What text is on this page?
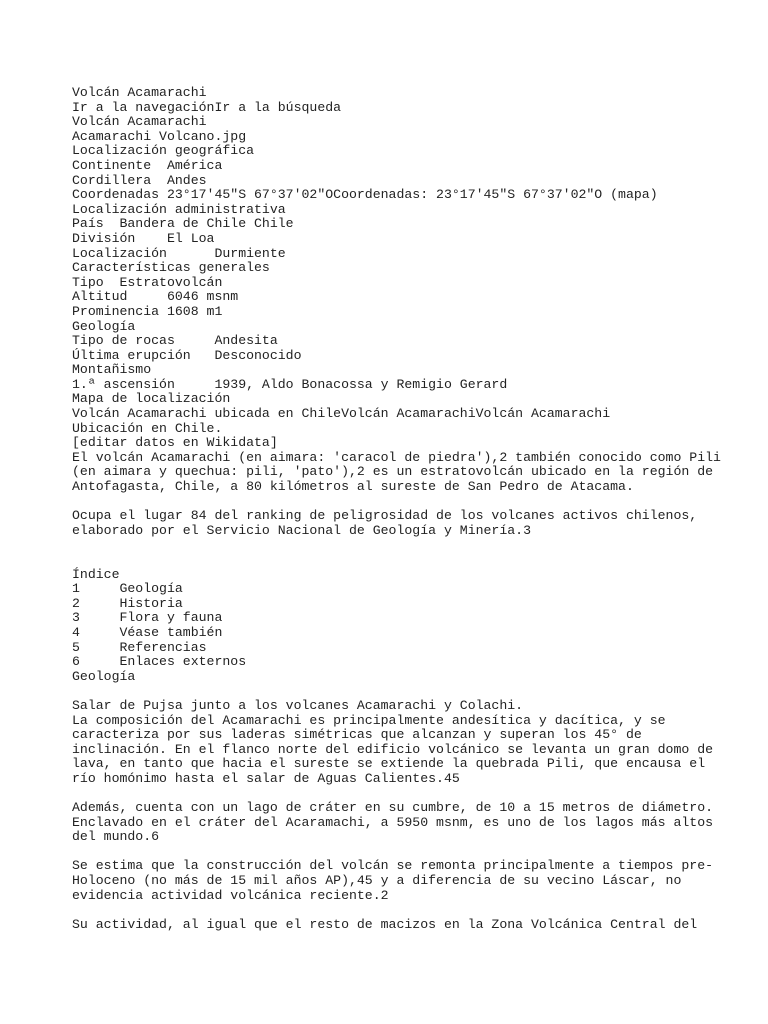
Volcán Acamarachi
Ir a la navegaciónIr a la búsqueda
Volcán Acamarachi
Acamarachi Volcano.jpg
Localización geográfica
Continente  América
Cordillera  Andes
Coordenadas 23°17′45″S 67°37′02″OCoordenadas: 23°17′45″S 67°37′02″O (mapa)
Localización administrativa
País  Bandera de Chile Chile
División    El Loa
Localización      Durmiente
Características generales
Tipo  Estratovolcán
Altitud     6046 msnm
Prominencia 1608 m1
Geología
Tipo de rocas     Andesita
Última erupción   Desconocido
Montañismo
1.ª ascensión     1939, Aldo Bonacossa y Remigio Gerard
Mapa de localización
Volcán Acamarachi ubicada en ChileVolcán AcamarachiVolcán Acamarachi
Ubicación en Chile.
[editar datos en Wikidata]
El volcán Acamarachi (en aimara: 'caracol de piedra'),2 también conocido como Pili
(en aimara y quechua: pili, 'pato'),2 es un estratovolcán ubicado en la región de
Antofagasta, Chile, a 80 kilómetros al sureste de San Pedro de Atacama.

Ocupa el lugar 84 del ranking de peligrosidad de los volcanes activos chilenos,
elaborado por el Servicio Nacional de Geología y Minería.3

Índice
1     Geología
2     Historia
3     Flora y fauna
4     Véase también
5     Referencias
6     Enlaces externos
Geología

Salar de Pujsa junto a los volcanes Acamarachi y Colachi.
La composición del Acamarachi es principalmente andesítica y dacítica, y se
caracteriza por sus laderas simétricas que alcanzan y superan los 45° de
inclinación. En el flanco norte del edificio volcánico se levanta un gran domo de
lava, en tanto que hacia el sureste se extiende la quebrada Pili, que encausa el
río homónimo hasta el salar de Aguas Calientes.45

Además, cuenta con un lago de cráter en su cumbre, de 10 a 15 metros de diámetro.
Enclavado en el cráter del Acaramachi, a 5950 msnm, es uno de los lagos más altos
del mundo.6

Se estima que la construcción del volcán se remonta principalmente a tiempos pre-
Holoceno (no más de 15 mil años AP),45 y a diferencia de su vecino Láscar, no
evidencia actividad volcánica reciente.2

Su actividad, al igual que el resto de macizos en la Zona Volcánica Central del
